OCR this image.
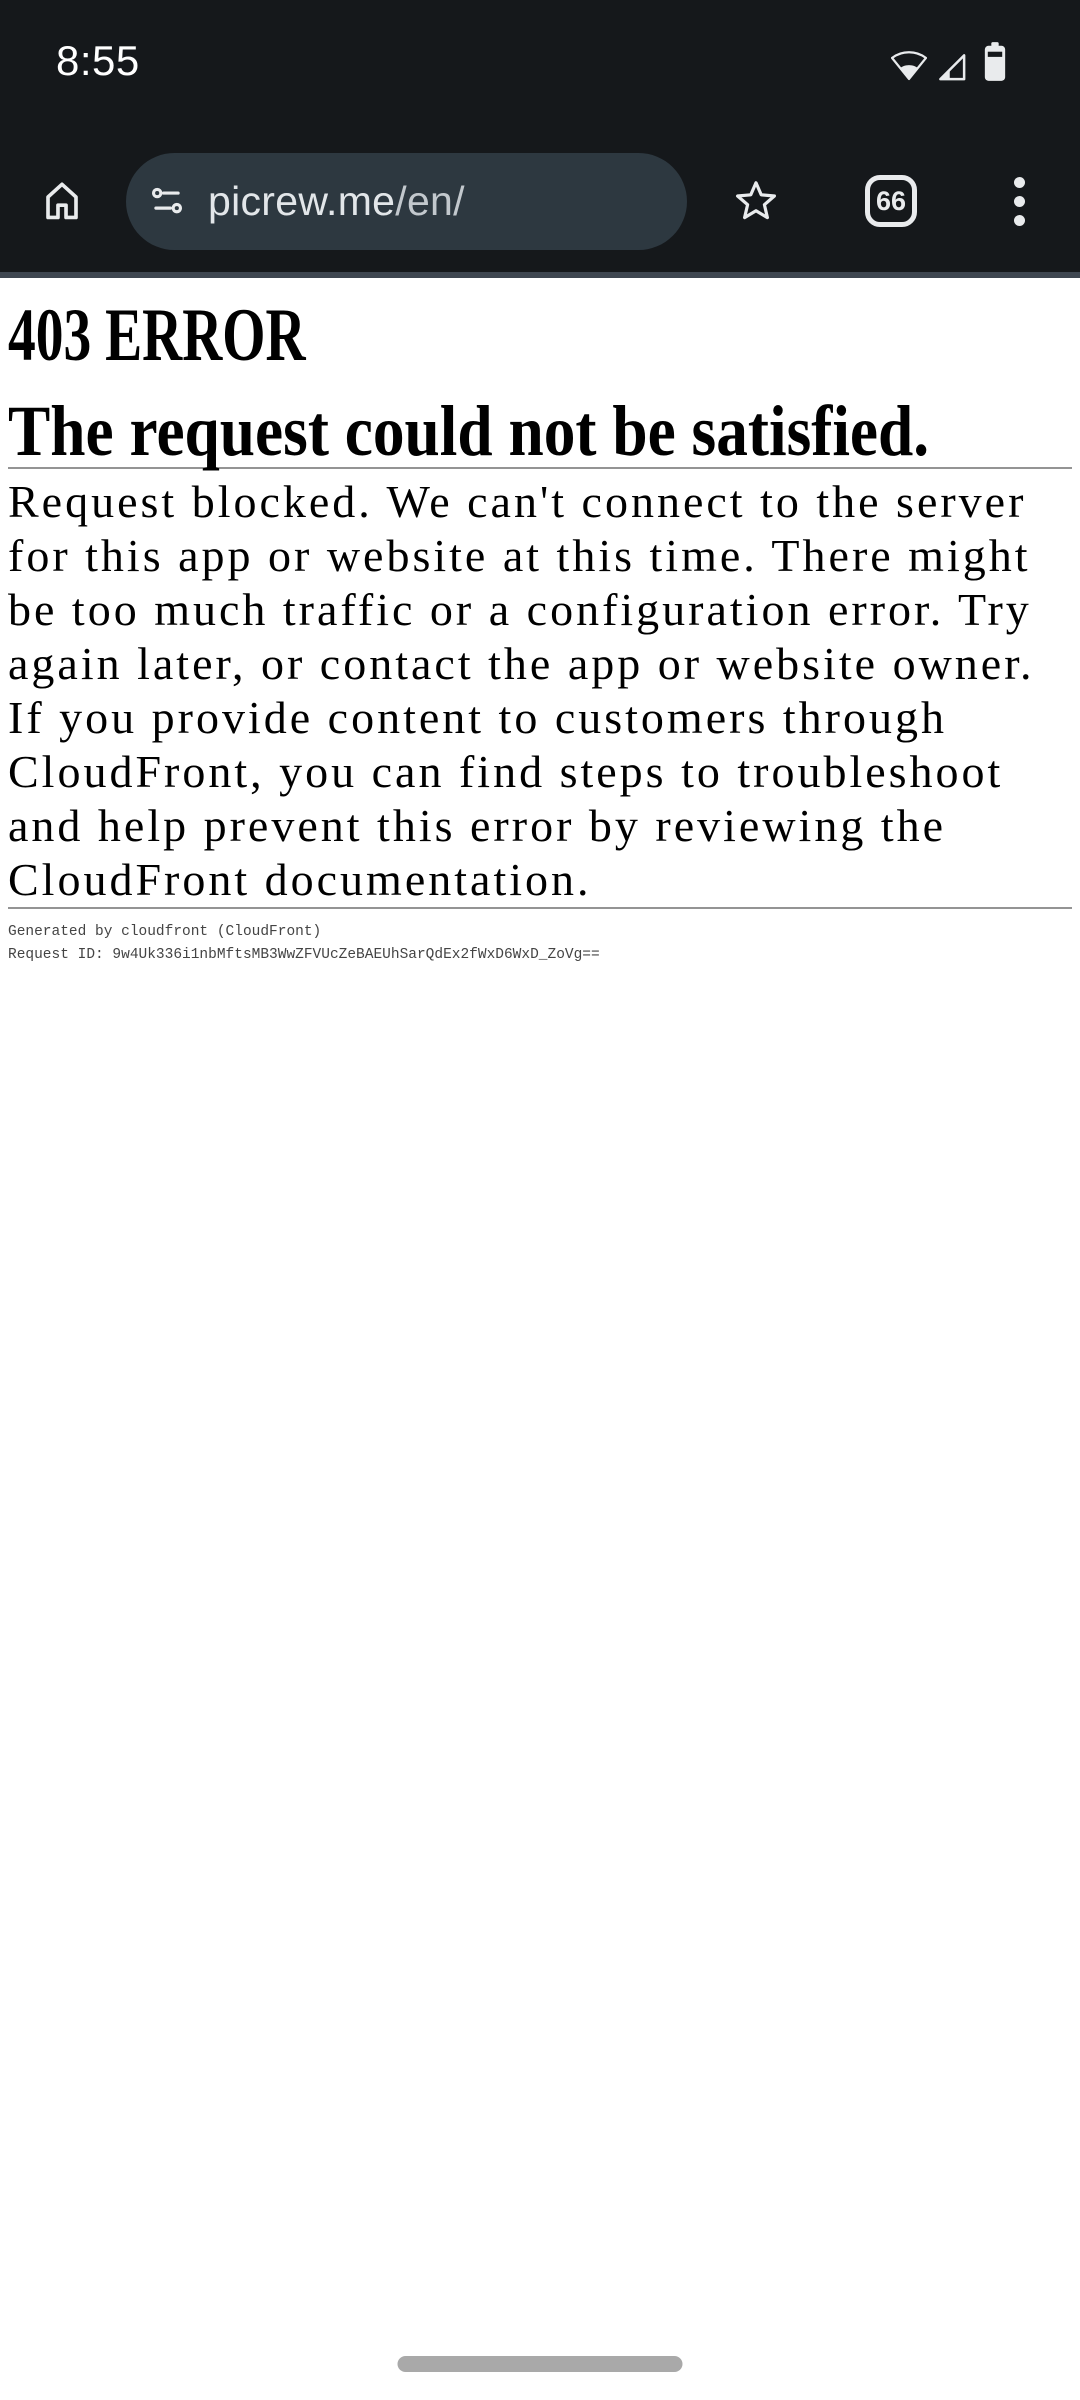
8:55
picrew.me/en/	66
403 ERROR
The request could not be satisfied.

Request blocked. We can't connect to the server for this app or website at this time. There might be too much traffic or a configuration error. Try again later, or contact the app or website owner.

If you provide content to customers through CloudFront, you can find steps to troubleshoot and help prevent this error by reviewing the CloudFront documentation.

Generated by cloudfront (CloudFront)
Request ID: 9w4Uk336i1nbMftsMB3WwZFVUcZeBAEUhSarQdEx2fWxD6WxD_ZoVg==
